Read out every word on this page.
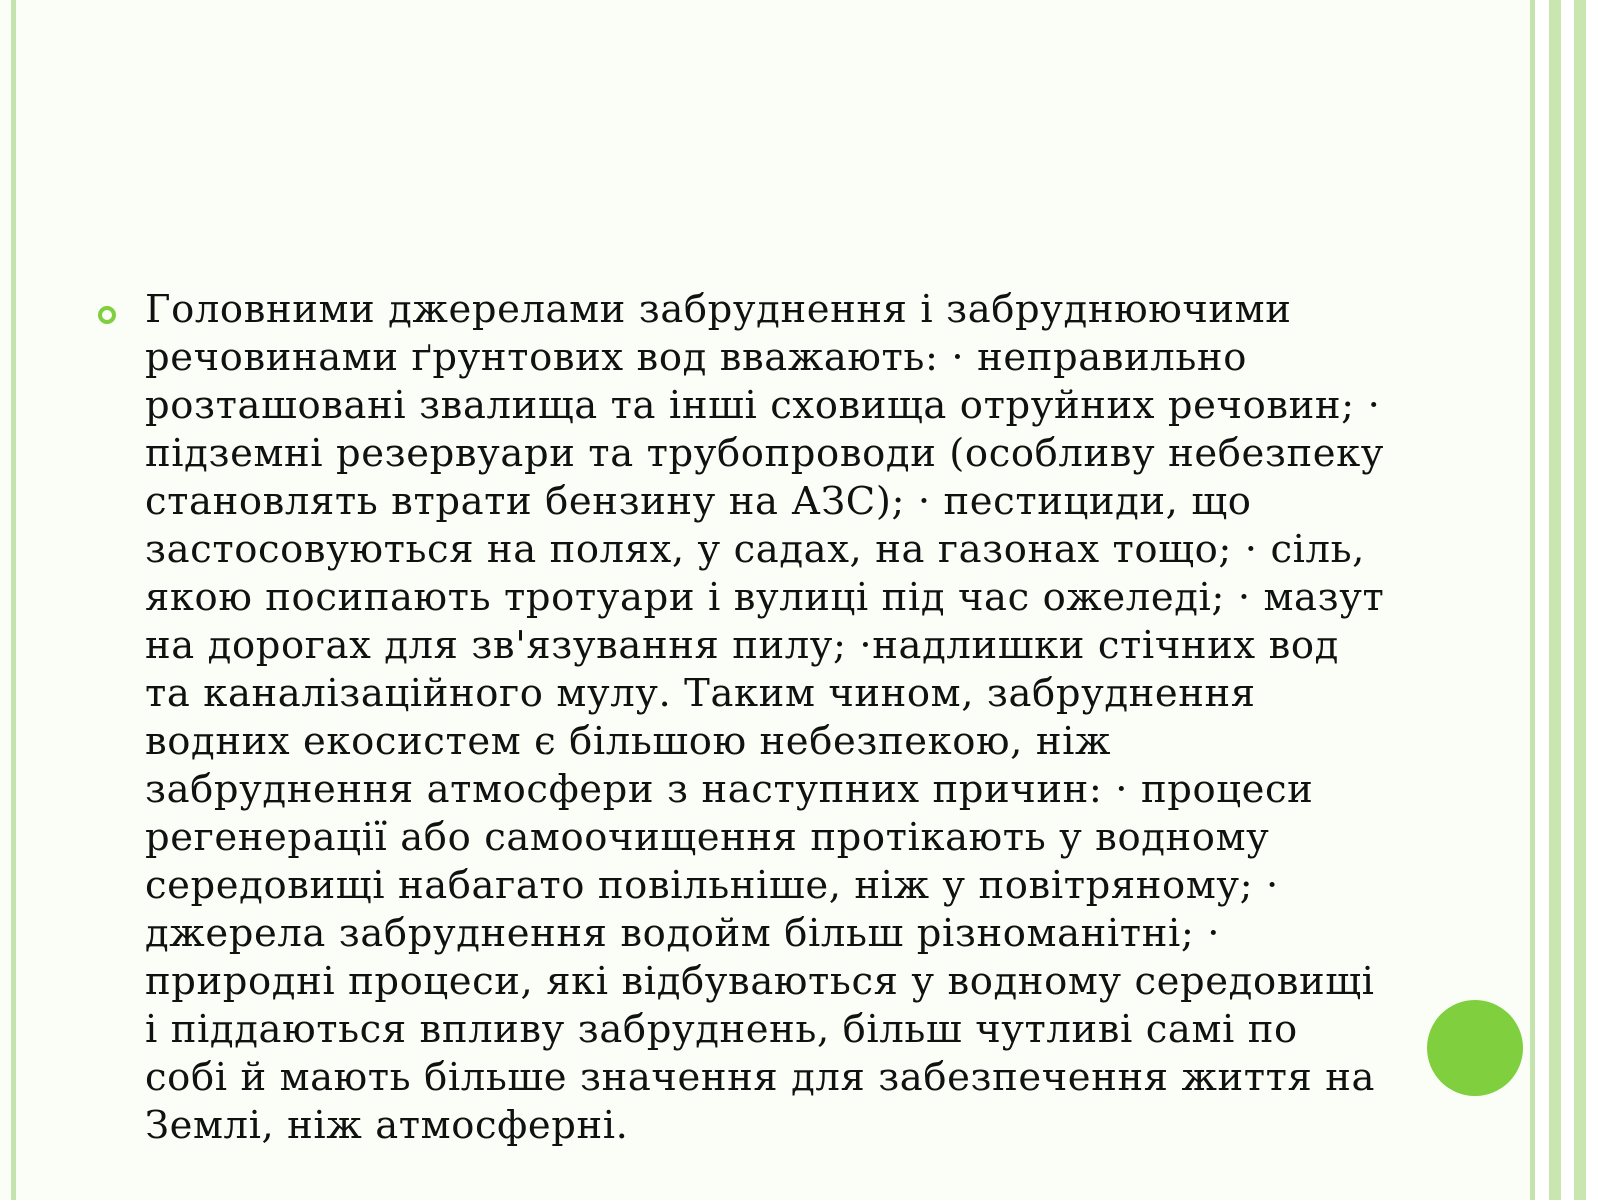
Головними джерелами забруднення і забруднюючими речовинами ґрунтових вод вважають: · неправильно розташовані звалища та інші сховища отруйних речовин; · підземні резервуари та трубопроводи (особливу небезпеку становлять втрати бензину на АЗС); · пестициди, що застосовуються на полях, у садах, на газонах тощо; · сіль, якою посипають тротуари і вулиці під час ожеледі; · мазут на дорогах для зв'язування пилу; ·надлишки стічних вод та каналізаційного мулу. Таким чином, забруднення водних екосистем є більшою небезпекою, ніж забруднення атмосфери з наступних причин: · процеси регенерації або самоочищення протікають у водному середовищі набагато повільніше, ніж у повітряному; · джерела забруднення водойм більш різноманітні; · природні процеси, які відбуваються у водному середовищі і піддаються впливу забруднень, більш чутливі самі по собі й мають більше значення для забезпечення життя на Землі, ніж атмосферні.
